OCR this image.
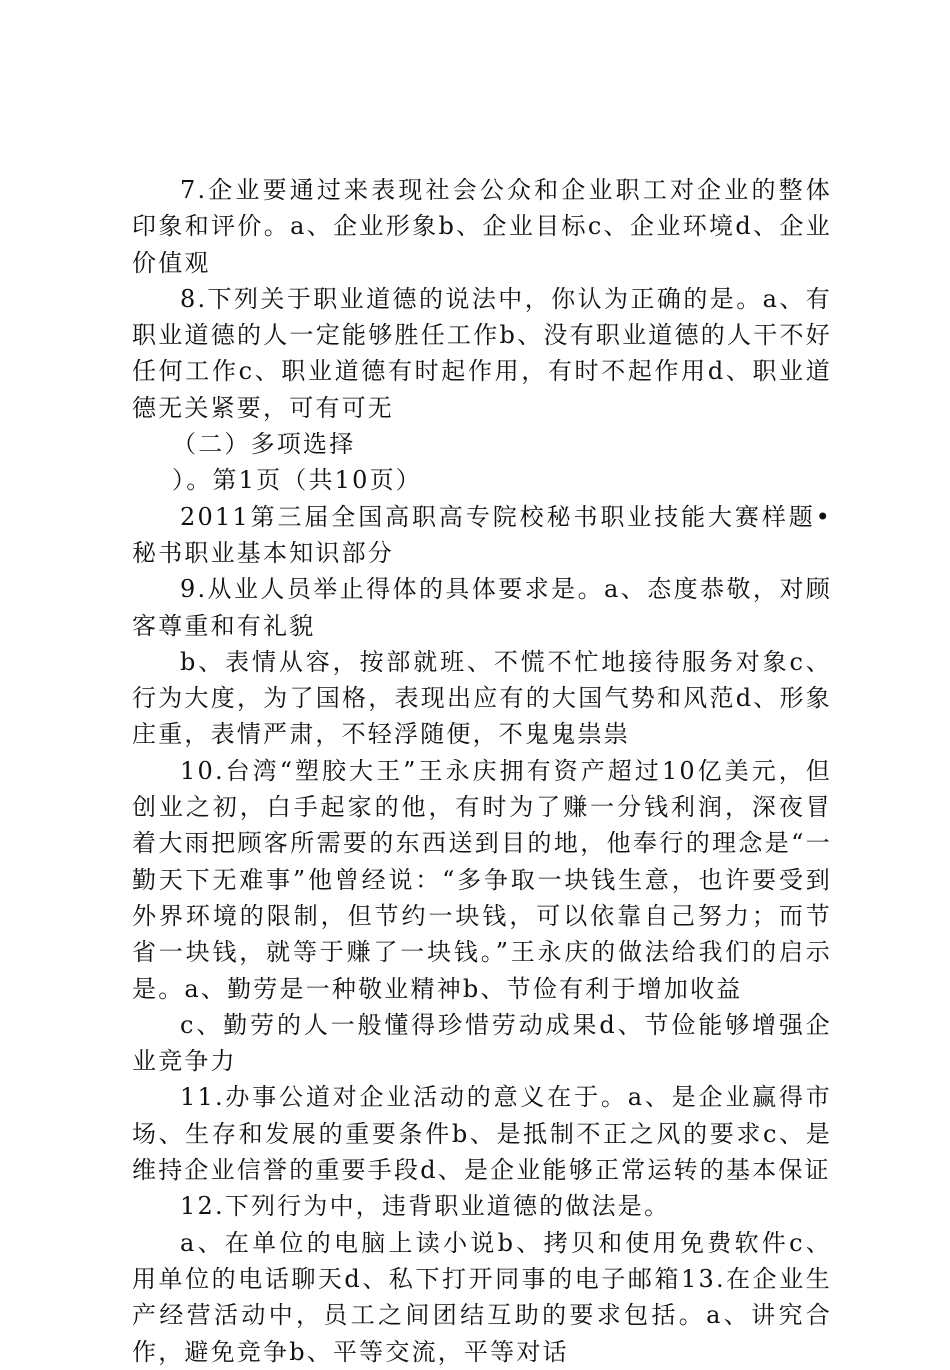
7.企业要通过来表现社会公众和企业职工对企业的整体印象和评价。a、企业形象b、企业目标c、企业环境d、企业价值观

8.下列关于职业道德的说法中，你认为正确的是。a、有职业道德的人一定能够胜任工作b、没有职业道德的人干不好任何工作c、职业道德有时起作用，有时不起作用d、职业道德无关紧要，可有可无

（二）多项选择

）。第1页（共10页）

2011第三届全国高职高专院校秘书职业技能大赛样题•秘书职业基本知识部分

9.从业人员举止得体的具体要求是。a、态度恭敬，对顾客尊重和有礼貌

b、表情从容，按部就班、不慌不忙地接待服务对象c、行为大度，为了国格，表现出应有的大国气势和风范d、形象庄重，表情严肃，不轻浮随便，不鬼鬼祟祟

10.台湾“塑胶大王”王永庆拥有资产超过10亿美元，但创业之初，白手起家的他，有时为了赚一分钱利润，深夜冒着大雨把顾客所需要的东西送到目的地，他奉行的理念是“一勤天下无难事”他曾经说：“多争取一块钱生意，也许要受到外界环境的限制，但节约一块钱，可以依靠自己努力；而节省一块钱，就等于赚了一块钱。”王永庆的做法给我们的启示是。a、勤劳是一种敬业精神b、节俭有利于增加收益

c、勤劳的人一般懂得珍惜劳动成果d、节俭能够增强企业竞争力

11.办事公道对企业活动的意义在于。a、是企业赢得市场、生存和发展的重要条件b、是抵制不正之风的要求c、是维持企业信誉的重要手段d、是企业能够正常运转的基本保证

12.下列行为中，违背职业道德的做法是。

a、在单位的电脑上读小说b、拷贝和使用免费软件c、用单位的电话聊天d、私下打开同事的电子邮箱13.在企业生产经营活动中，员工之间团结互助的要求包括。a、讲究合作，避免竞争b、平等交流，平等对话
